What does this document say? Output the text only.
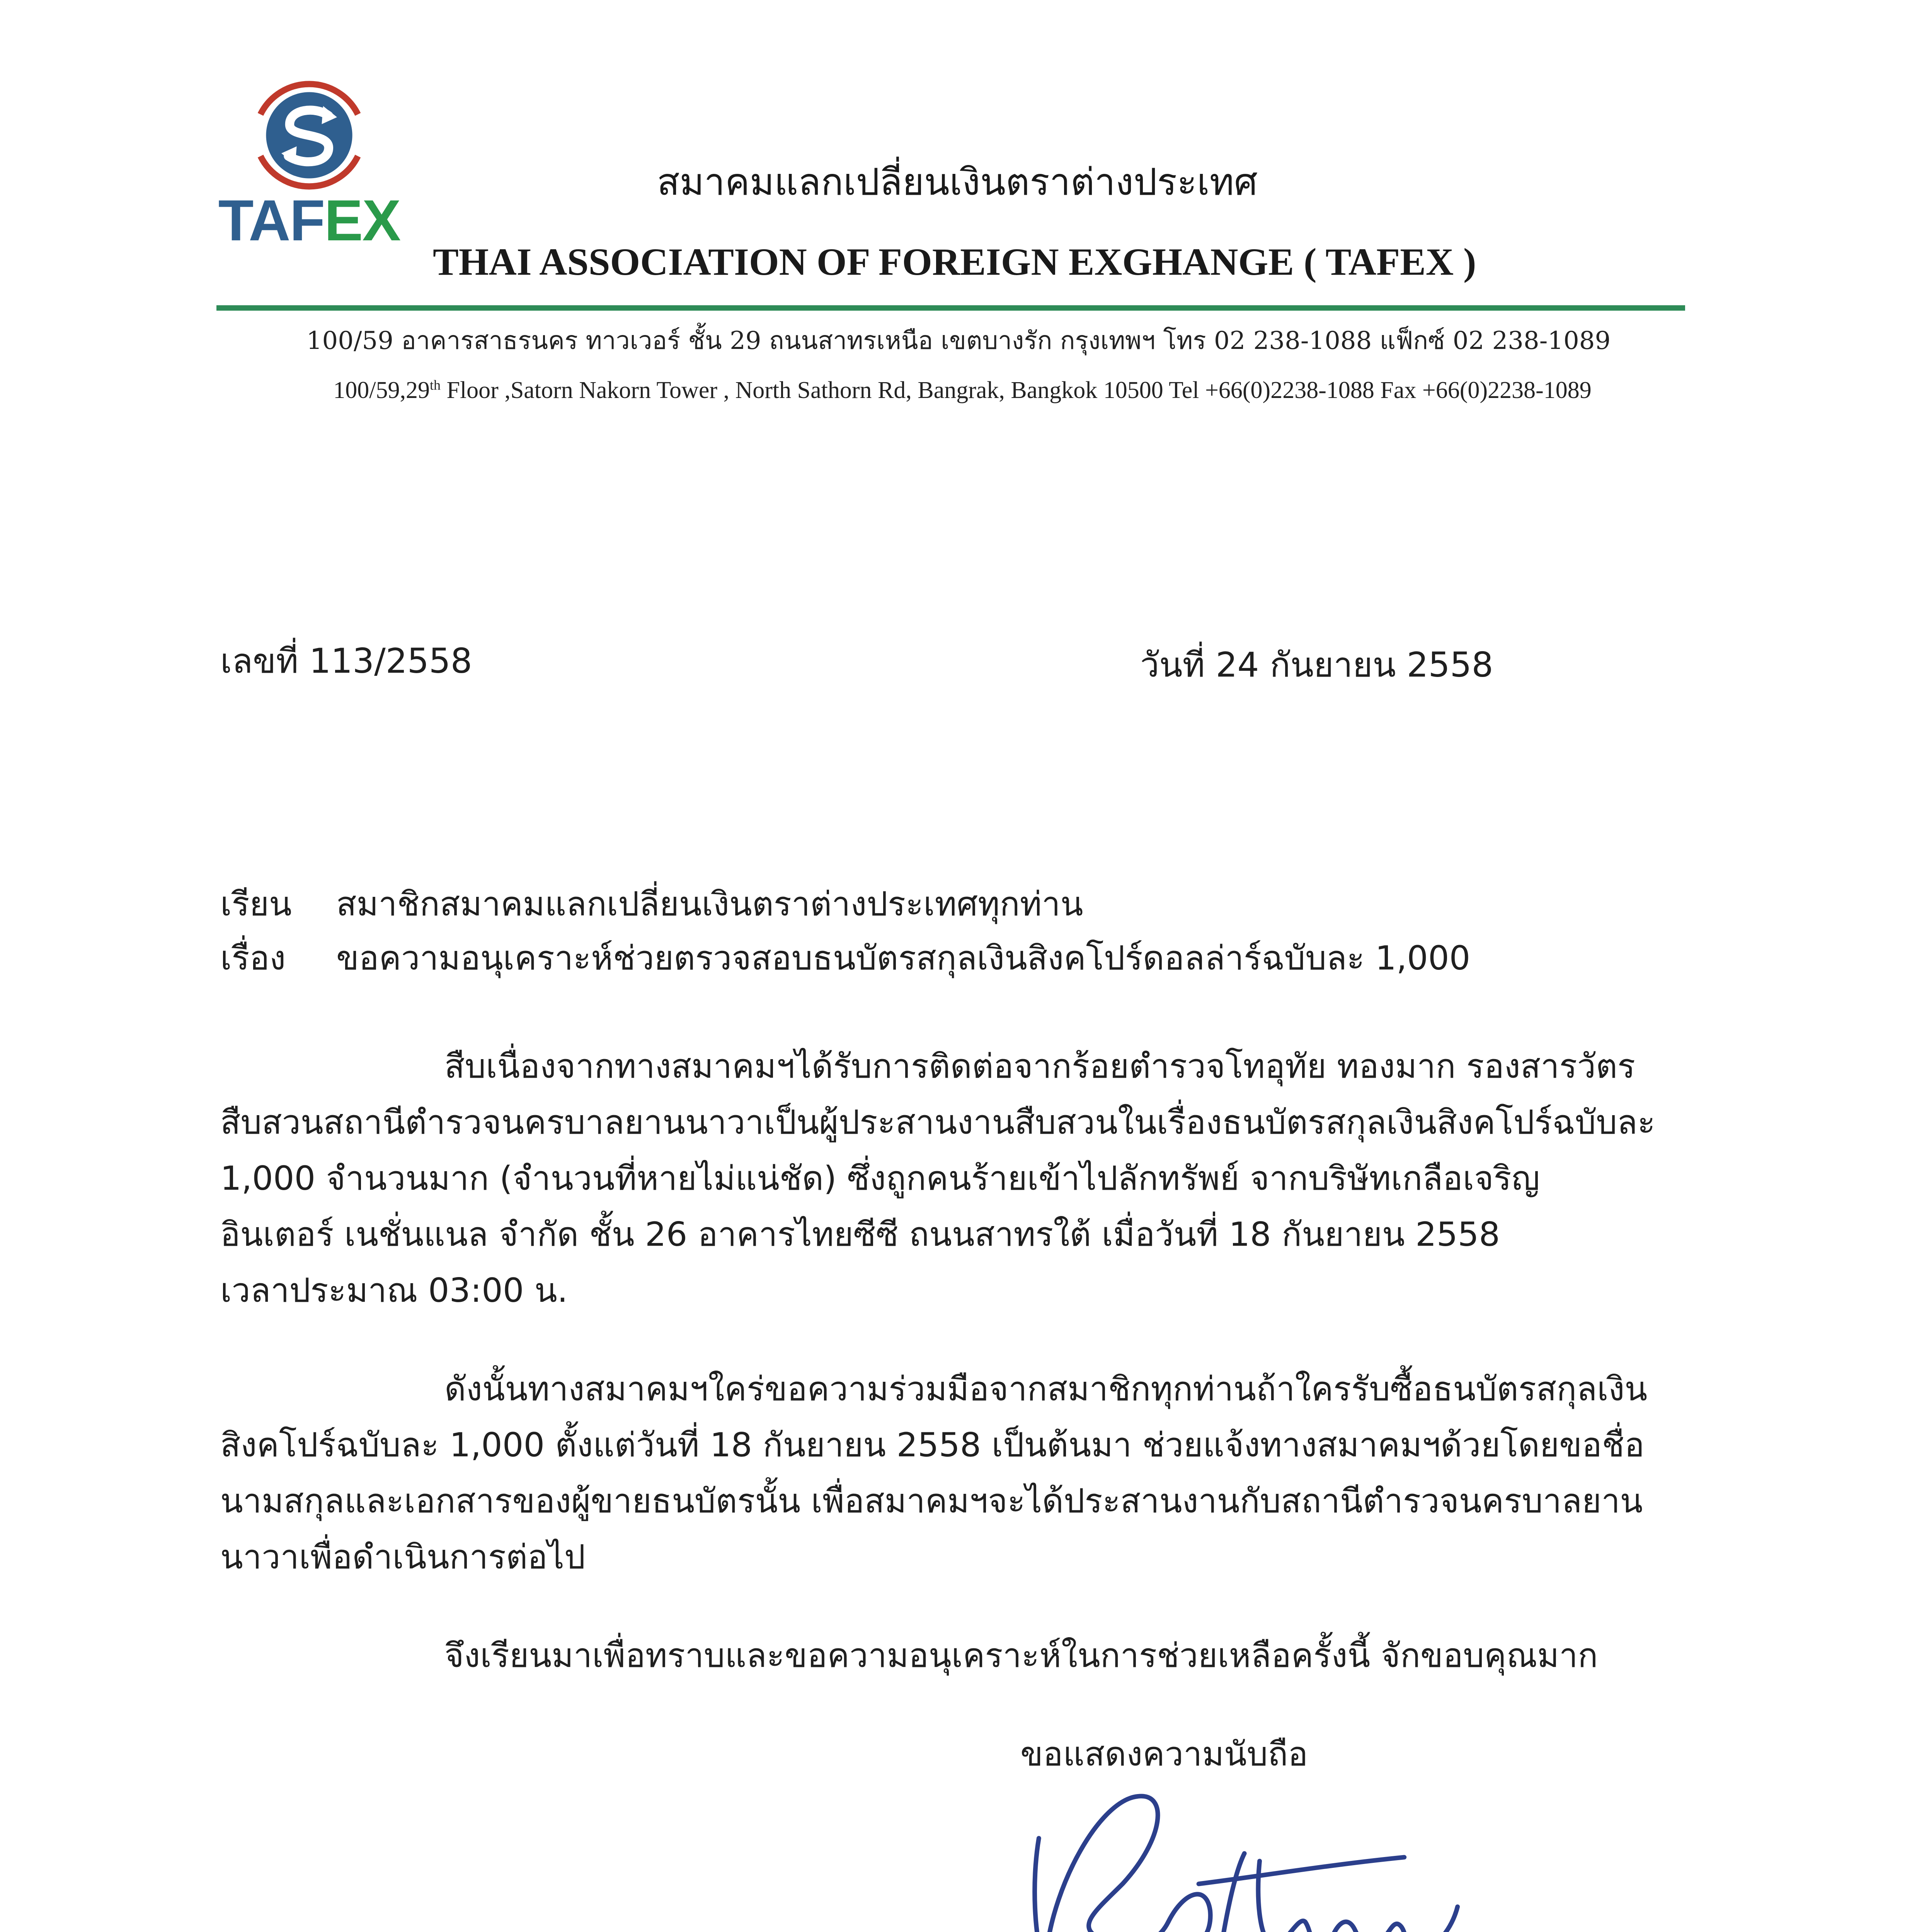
TAFEX
สมาคมแลกเปลี่ยนเงินตราต่างประเทศ
THAI ASSOCIATION OF FOREIGN EXGHANGE ( TAFEX )
100/59 อาคารสาธรนคร ทาวเวอร์ ชั้น 29 ถนนสาทรเหนือ เขตบางรัก กรุงเทพฯ โทร 02 238-1088 แฟ็กซ์ 02 238-1089
100/59,29th Floor ,Satorn Nakorn Tower , North Sathorn Rd, Bangrak, Bangkok 10500 Tel +66(0)2238-1088 Fax +66(0)2238-1089
เลขที่ 113/2558	วันที่ 24 กันยายน 2558
เรียน สมาชิกสมาคมแลกเปลี่ยนเงินตราต่างประเทศทุกท่าน
เรื่อง ขอความอนุเคราะห์ช่วยตรวจสอบธนบัตรสกุลเงินสิงคโปร์ดอลล่าร์ฉบับละ 1,000
สืบเนื่องจากทางสมาคมฯได้รับการติดต่อจากร้อยตำรวจโทอุทัย ทองมาก รองสารวัตร
สืบสวนสถานีตำรวจนครบาลยานนาวาเป็นผู้ประสานงานสืบสวนในเรื่องธนบัตรสกุลเงินสิงคโปร์ฉบับละ
1,000 จำนวนมาก (จำนวนที่หายไม่แน่ชัด) ซึ่งถูกคนร้ายเข้าไปลักทรัพย์ จากบริษัทเกลือเจริญ
อินเตอร์ เนชั่นแนล จำกัด ชั้น 26 อาคารไทยซีซี ถนนสาทรใต้ เมื่อวันที่ 18 กันยายน 2558
เวลาประมาณ 03:00 น.
ดังนั้นทางสมาคมฯใคร่ขอความร่วมมือจากสมาชิกทุกท่านถ้าใครรับซื้อธนบัตรสกุลเงิน
สิงคโปร์ฉบับละ 1,000 ตั้งแต่วันที่ 18 กันยายน 2558 เป็นต้นมา ช่วยแจ้งทางสมาคมฯด้วยโดยขอชื่อ
นามสกุลและเอกสารของผู้ขายธนบัตรนั้น เพื่อสมาคมฯจะได้ประสานงานกับสถานีตำรวจนครบาลยาน
นาวาเพื่อดำเนินการต่อไป
จึงเรียนมาเพื่อทราบและขอความอนุเคราะห์ในการช่วยเหลือครั้งนี้ จักขอบคุณมาก
ขอแสดงความนับถือ
